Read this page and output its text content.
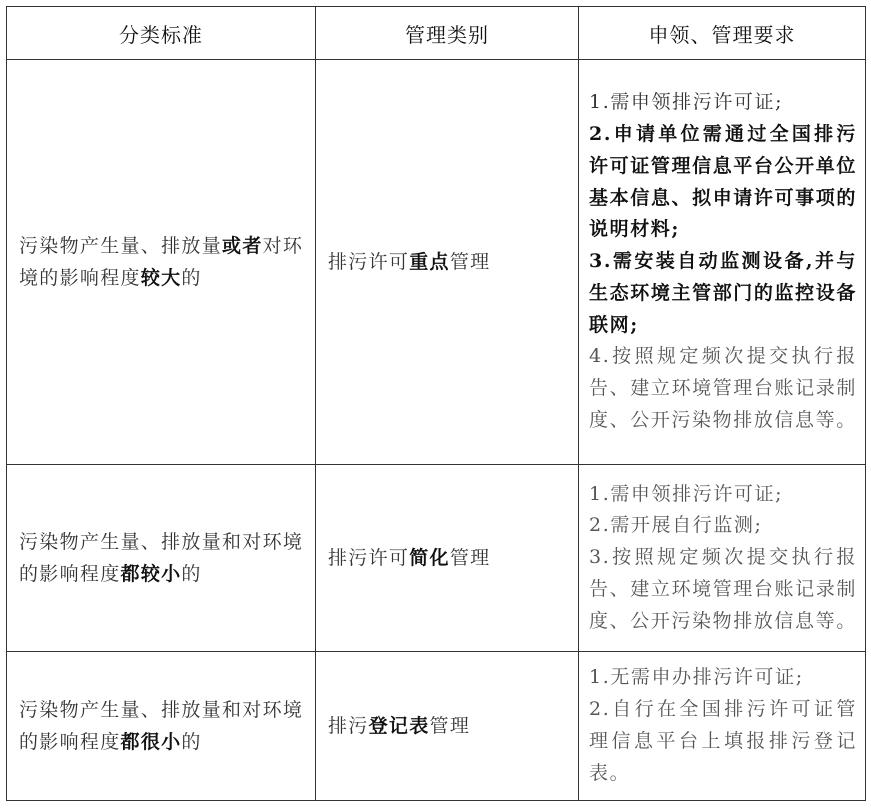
分类标准	管理类别	申领、管理要求

污染物产生量、排放量或者对环境的影响程度较大的	排污许可重点管理	1.需申领排污许可证;
2.申请单位需通过全国排污许可证管理信息平台公开单位基本信息、拟申请许可事项的说明材料;
3.需安装自动监测设备,并与生态环境主管部门的监控设备联网;
4.按照规定频次提交执行报告、建立环境管理台账记录制度、公开污染物排放信息等。

污染物产生量、排放量和对环境的影响程度都较小的	排污许可简化管理	1.需申领排污许可证;
2.需开展自行监测;
3.按照规定频次提交执行报告、建立环境管理台账记录制度、公开污染物排放信息等。

污染物产生量、排放量和对环境的影响程度都很小的	排污登记表管理	1.无需申办排污许可证;
2.自行在全国排污许可证管理信息平台上填报排污登记表。
